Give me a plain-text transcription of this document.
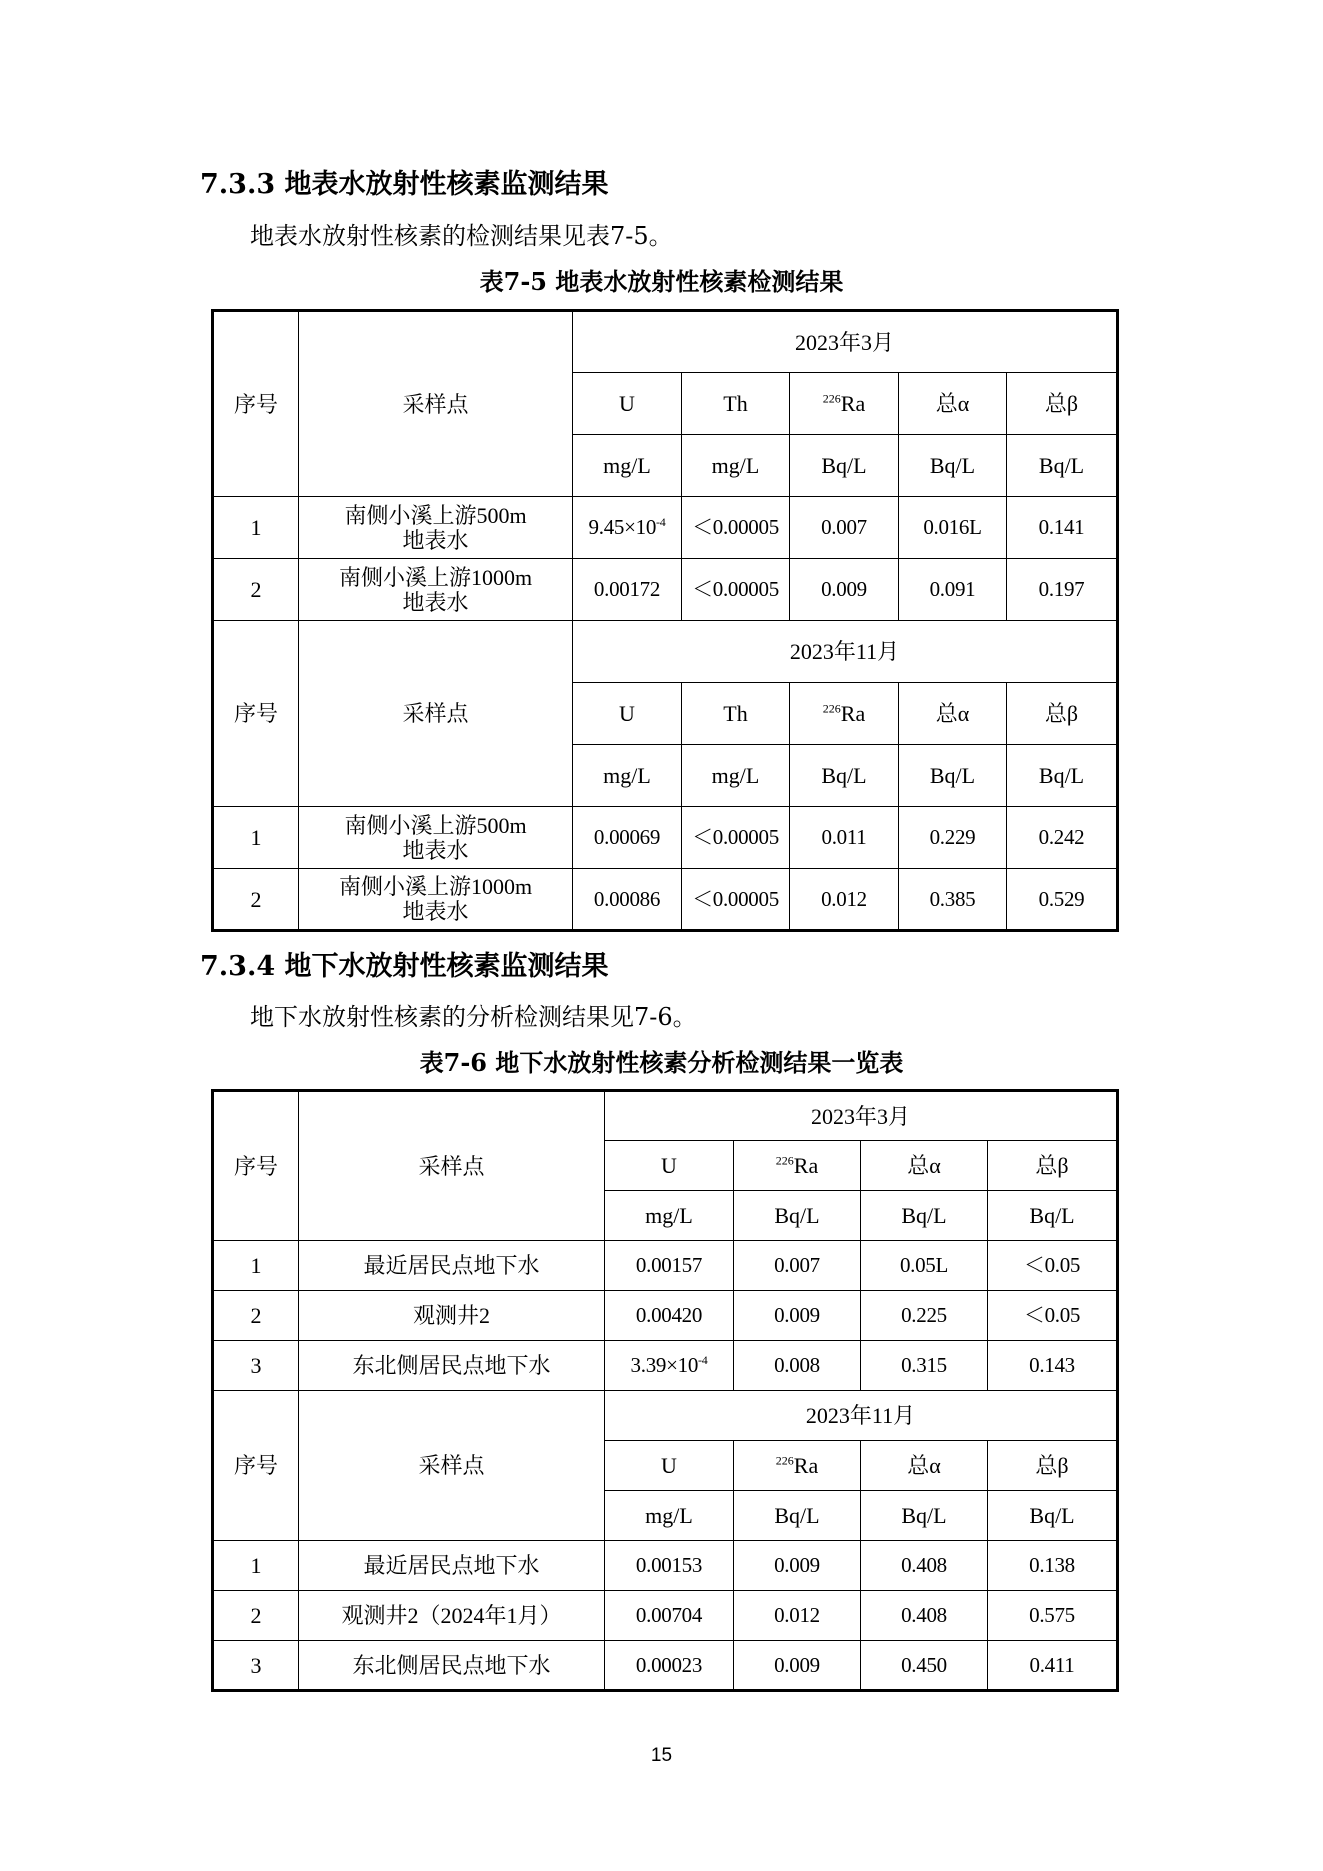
7.3.3 地表水放射性核素监测结果

地表水放射性核素的检测结果见表7-5。

表7-5 地表水放射性核素检测结果

序号	采样点	2023年3月				
		U	Th	$^{226}$Ra	总α	总β
		mg/L	mg/L	Bq/L	Bq/L	Bq/L
1	南侧小溪上游500m
地表水	$9.45\times 10^{-4}$	＜0.00005	0.007	0.016L	0.141
2	南侧小溪上游1000m
地表水	0.00172	＜0.00005	0.009	0.091	0.197
序号	采样点	2023年11月				
		U	Th	$^{226}$Ra	总α	总β
		mg/L	mg/L	Bq/L	Bq/L	Bq/L
1	南侧小溪上游500m
地表水	0.00069	＜0.00005	0.011	0.229	0.242
2	南侧小溪上游1000m
地表水	0.00086	＜0.00005	0.012	0.385	0.529
7.3.4 地下水放射性核素监测结果

地下水放射性核素的分析检测结果见7-6。

表7-6 地下水放射性核素分析检测结果一览表

序号	采样点	2023年3月			
		U	$^{226}$Ra	总α	总β
		mg/L	Bq/L	Bq/L	Bq/L
1	最近居民点地下水	0.00157	0.007	0.05L	＜0.05
2	观测井2	0.00420	0.009	0.225	＜0.05
3	东北侧居民点地下水	$3.39\times 10^{-4}$	0.008	0.315	0.143
序号	采样点	2023年11月			
		U	$^{226}$Ra	总α	总β
		mg/L	Bq/L	Bq/L	Bq/L
1	最近居民点地下水	0.00153	0.009	0.408	0.138
2	观测井2（2024年1月）	0.00704	0.012	0.408	0.575
3	东北侧居民点地下水	0.00023	0.009	0.450	0.411

15
